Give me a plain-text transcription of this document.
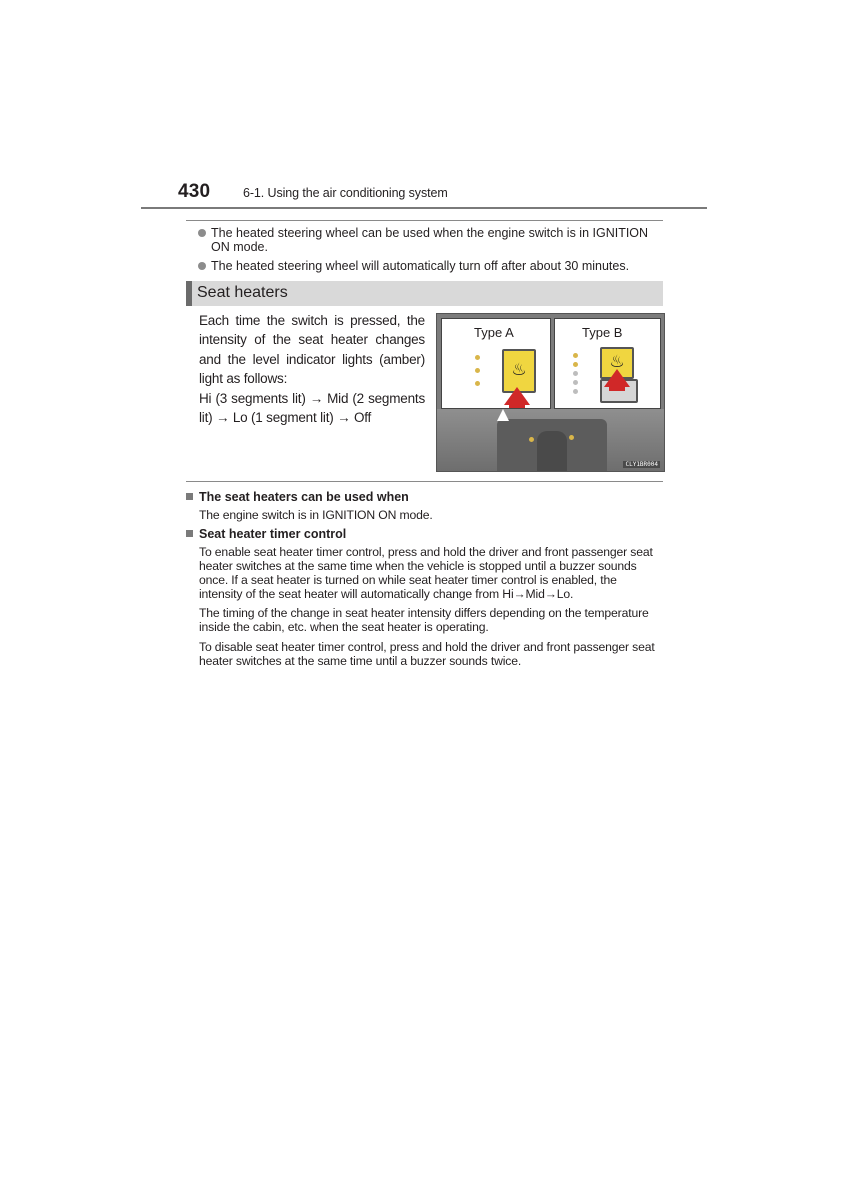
430	6-1. Using the air conditioning system
The heated steering wheel can be used when the engine switch is in IGNITION ON mode.
The heated steering wheel will automatically turn off after about 30 minutes.
Seat heaters

Each time the switch is pressed, the intensity of the seat heater changes and the level indicator lights (amber) light as follows:

Hi (3 segments lit) → Mid (2 segments lit) → Lo (1 segment lit) → Off

Type A
♨
Type B
♨
CLY1BR004
The seat heaters can be used when
The engine switch is in IGNITION ON mode.
Seat heater timer control
To enable seat heater timer control, press and hold the driver and front passenger seat heater switches at the same time when the vehicle is stopped until a buzzer sounds once. If a seat heater is turned on while seat heater timer control is enabled, the intensity of the seat heater will automatically change from Hi→Mid→Lo.
The timing of the change in seat heater intensity differs depending on the temperature inside the cabin, etc. when the seat heater is operating.
To disable seat heater timer control, press and hold the driver and front passenger seat heater switches at the same time until a buzzer sounds twice.
